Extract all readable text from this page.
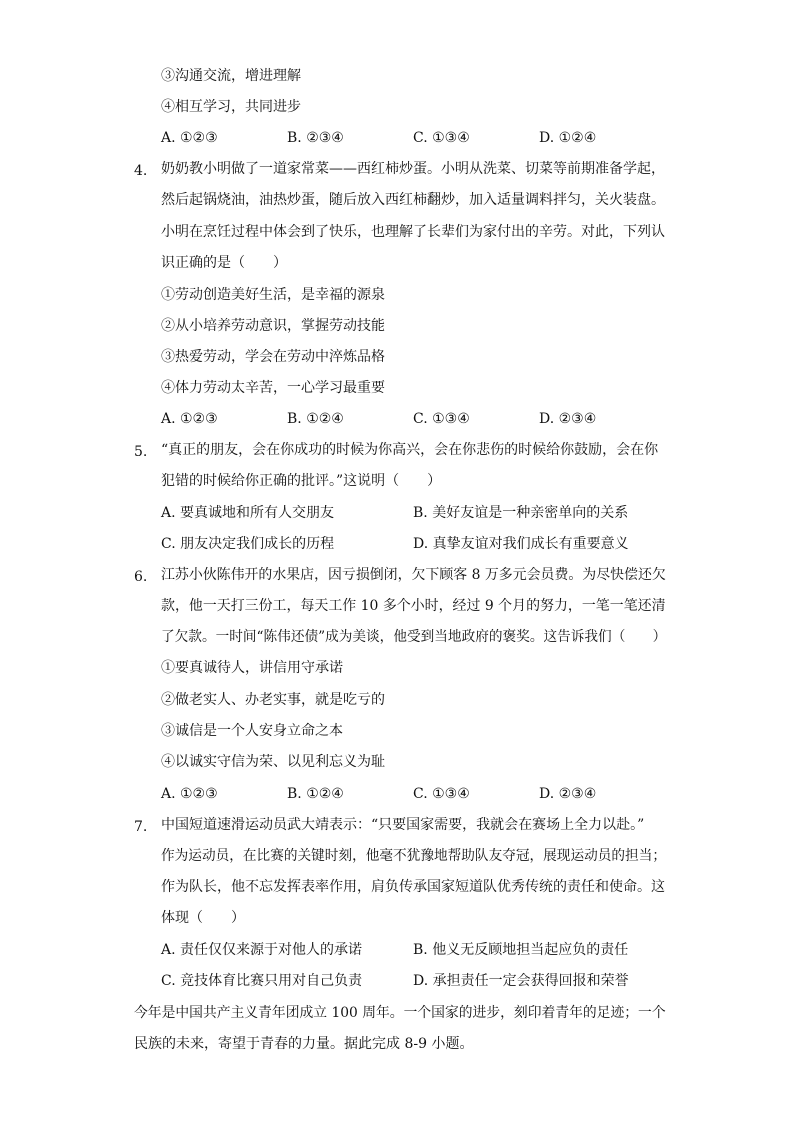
③沟通交流，增进理解
④相互学习，共同进步
A. ①②③	B. ②③④	C. ①③④	D. ①②④
4. 奶奶教小明做了一道家常菜——西红柿炒蛋。小明从洗菜、切菜等前期准备学起，
然后起锅烧油，油热炒蛋，随后放入西红柿翻炒，加入适量调料拌匀，关火装盘。
小明在烹饪过程中体会到了快乐，也理解了长辈们为家付出的辛劳。对此，下列认
识正确的是（　　）
①劳动创造美好生活，是幸福的源泉
②从小培养劳动意识，掌握劳动技能
③热爱劳动，学会在劳动中淬炼品格
④体力劳动太辛苦，一心学习最重要
A. ①②③	B. ①②④	C. ①③④	D. ②③④
5. “真正的朋友，会在你成功的时候为你高兴，会在你悲伤的时候给你鼓励，会在你
犯错的时候给你正确的批评。”这说明（　　）
A. 要真诚地和所有人交朋友	B. 美好友谊是一种亲密单向的关系
C. 朋友决定我们成长的历程	D. 真挚友谊对我们成长有重要意义
6. 江苏小伙陈伟开的水果店，因亏损倒闭，欠下顾客 8 万多元会员费。为尽快偿还欠
款，他一天打三份工，每天工作 10 多个小时，经过 9 个月的努力，一笔一笔还清
了欠款。一时间“陈伟还债”成为美谈，他受到当地政府的褒奖。这告诉我们（　　）
①要真诚待人，讲信用守承诺
②做老实人、办老实事，就是吃亏的
③诚信是一个人安身立命之本
④以诚实守信为荣、以见利忘义为耻
A. ①②③	B. ①②④	C. ①③④	D. ②③④
7. 中国短道速滑运动员武大靖表示：“只要国家需要，我就会在赛场上全力以赴。”
作为运动员，在比赛的关键时刻，他毫不犹豫地帮助队友夺冠，展现运动员的担当；
作为队长，他不忘发挥表率作用，肩负传承国家短道队优秀传统的责任和使命。这
体现（　　）
A. 责任仅仅来源于对他人的承诺	B. 他义无反顾地担当起应负的责任
C. 竞技体育比赛只用对自己负责	D. 承担责任一定会获得回报和荣誉
今年是中国共产主义青年团成立 100 周年。一个国家的进步，刻印着青年的足迹；一个
民族的未来，寄望于青春的力量。据此完成 8-9 小题。
